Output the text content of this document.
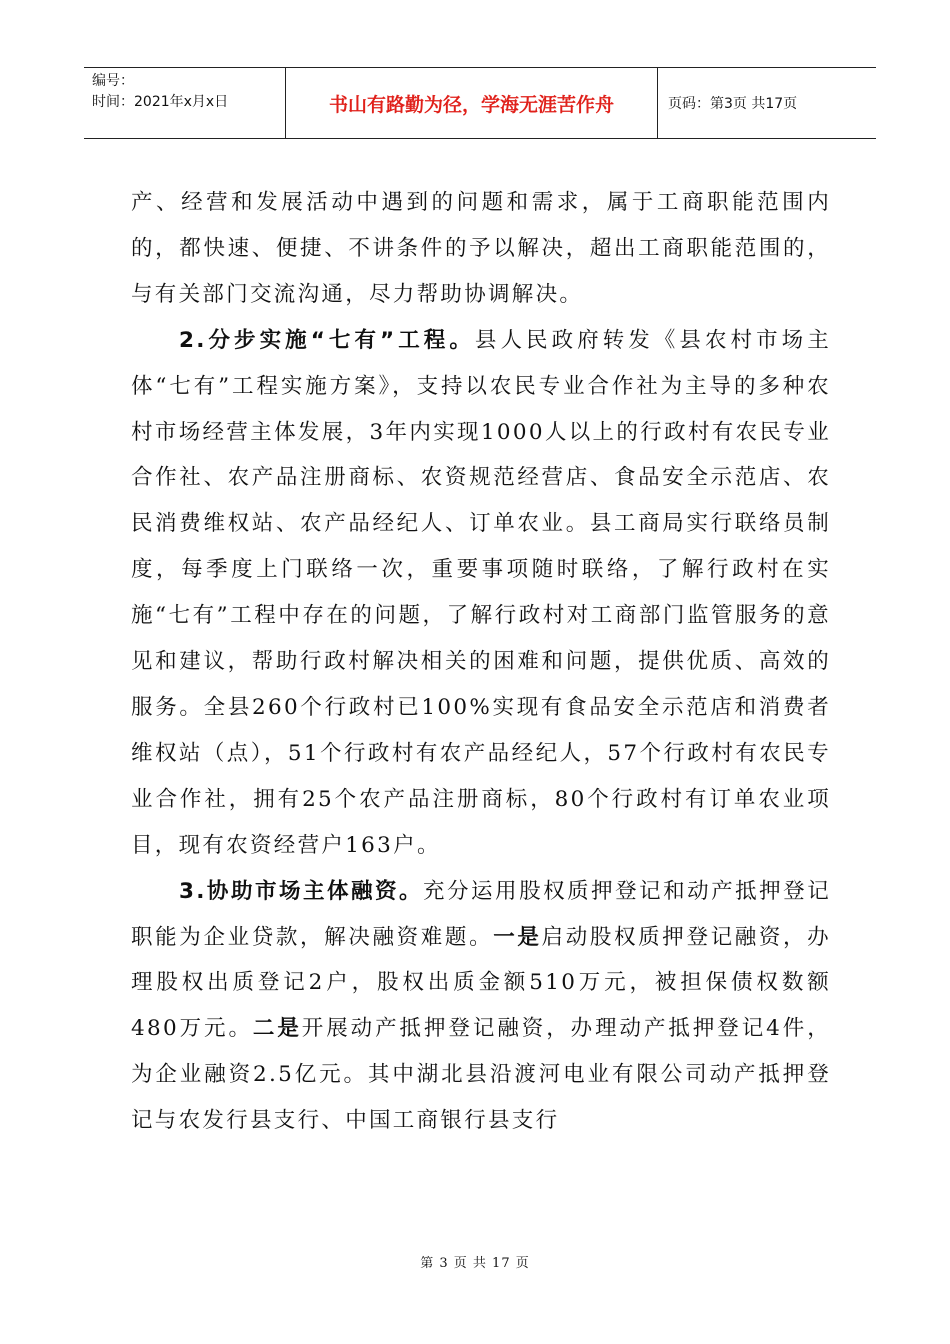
编号：
时间：2021年x月x日	书山有路勤为径，学海无涯苦作舟	页码：第3页 共17页

产、经营和发展活动中遇到的问题和需求，属于工商职能范围内的，都快速、便捷、不讲条件的予以解决，超出工商职能范围的，与有关部门交流沟通，尽力帮助协调解决。

2.分步实施“七有”工程。县人民政府转发《县农村市场主体“七有”工程实施方案》，支持以农民专业合作社为主导的多种农村市场经营主体发展，3年内实现1000人以上的行政村有农民专业合作社、农产品注册商标、农资规范经营店、食品安全示范店、农民消费维权站、农产品经纪人、订单农业。县工商局实行联络员制度，每季度上门联络一次，重要事项随时联络，了解行政村在实施“七有”工程中存在的问题，了解行政村对工商部门监管服务的意见和建议，帮助行政村解决相关的困难和问题，提供优质、高效的服务。全县260个行政村已100%实现有食品安全示范店和消费者维权站（点），51个行政村有农产品经纪人，57个行政村有农民专业合作社，拥有25个农产品注册商标，80个行政村有订单农业项目，现有农资经营户163户。

3.协助市场主体融资。充分运用股权质押登记和动产抵押登记职能为企业贷款，解决融资难题。一是启动股权质押登记融资，办理股权出质登记2户，股权出质金额510万元，被担保债权数额480万元。二是开展动产抵押登记融资，办理动产抵押登记4件，为企业融资2.5亿元。其中湖北县沿渡河电业有限公司动产抵押登记与农发行县支行、中国工商银行县支行

第 3 页 共 17 页
